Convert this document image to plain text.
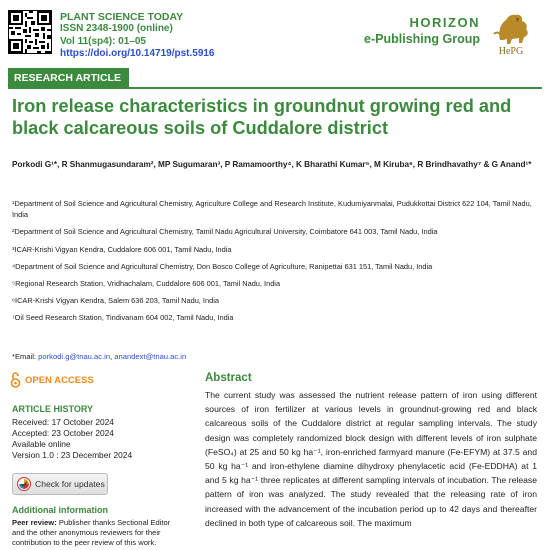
PLANT SCIENCE TODAY
ISSN 2348-1900 (online)
Vol 11(sp4): 01–05
https://doi.org/10.14719/pst.5916
HORIZON
e-Publishing Group
HePG
RESEARCH ARTICLE
Iron release characteristics in groundnut growing red and black calcareous soils of Cuddalore district

Porkodi G¹*, R Shanmugasundaram², MP Sugumaran³, P Ramamoorthy⁴, K Bharathi Kumar⁵, M Kiruba⁶, R Brindhavathy⁷ & G Anand¹*

¹Department of Soil Science and Agricultural Chemistry, Agriculture College and Research Institute, Kudumiyanmalai, Pudukkottai District 622 104, Tamil Nadu, India

²Department of Soil Science and Agricultural Chemistry, Tamil Nadu Agricultural University, Coimbatore 641 003, Tamil Nadu, India

³ICAR-Krishi Vigyan Kendra, Cuddalore 606 001, Tamil Nadu, India

⁴Department of Soil Science and Agricultural Chemistry, Don Bosco College of Agriculture, Ranipettai 631 151, Tamil Nadu, India

⁵Regional Research Station, Vridhachalam, Cuddalore 606 001, Tamil Nadu, India

⁶ICAR-Krishi Vigyan Kendra, Salem 636 203, Tamil Nadu, India

⁷Oil Seed Research Station, Tindivanam 604 002, Tamil Nadu, India

*Email: porkodi.g@tnau.ac.in, anandext@tnau.ac.in

OPEN ACCESS
ARTICLE HISTORY
Received: 17 October 2024
Accepted: 23 October 2024
Available online
Version 1.0 : 23 December 2024
Check for updates
Additional information

Peer review: Publisher thanks Sectional Editor and the other anonymous reviewers for their contribution to the peer review of this work.

Abstract

The current study was assessed the nutrient release pattern of iron using different sources of iron fertilizer at various levels in groundnut-growing red and black calcareous soils of the Cuddalore district at regular sampling intervals. The study design was completely randomized block design with different levels of iron sulphate (FeSO₄) at 25 and 50 kg ha⁻¹, iron-enriched farmyard manure (Fe-EFYM) at 37.5 and 50 kg ha⁻¹ and iron-ethylene diamine dihydroxy phenylacetic acid (Fe-EDDHA) at 1 and 5 kg ha⁻¹ three replicates at different sampling intervals of incubation. The release pattern of iron was analyzed. The study revealed that the releasing rate of iron increased with the advancement of the incubation period up to 42 days and thereafter declined in both type of calcareous soil. The maximum
